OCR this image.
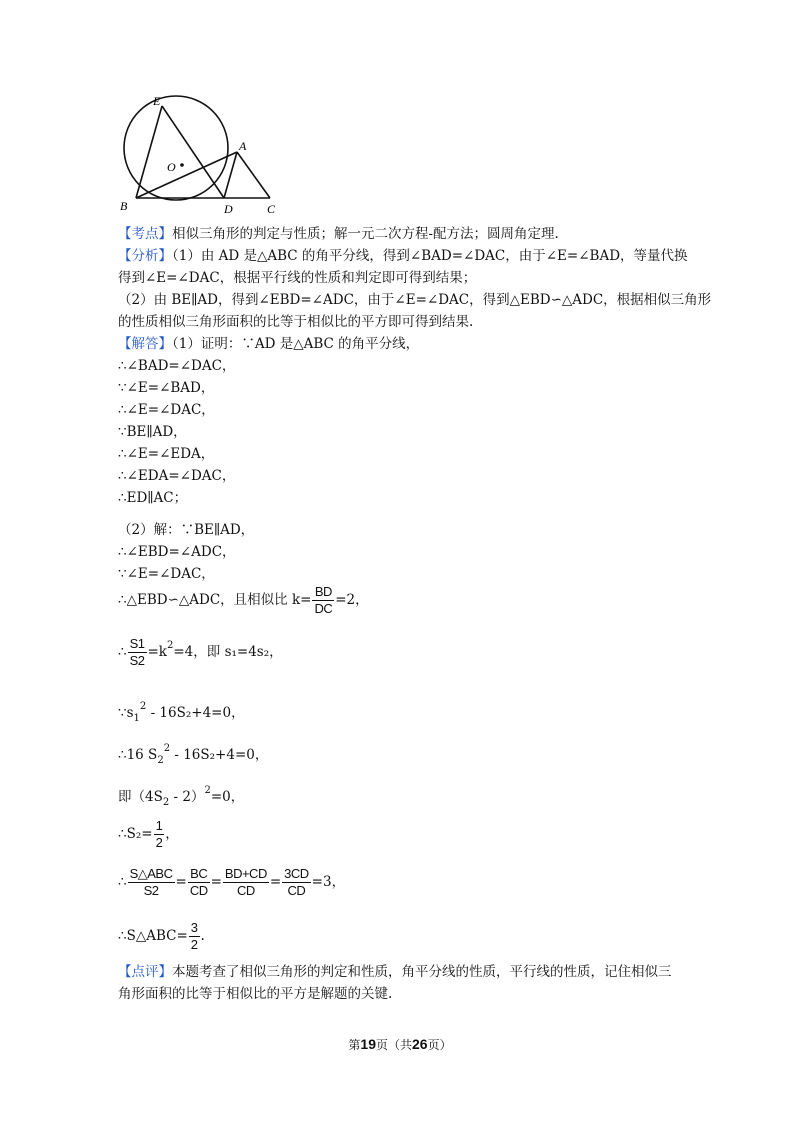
E
A
O
B	D	C
【考点】相似三角形的判定与性质；解一元二次方程-配方法；圆周角定理.
【分析】（1）由 AD 是△ABC 的角平分线，得到∠BAD=∠DAC，由于∠E=∠BAD，等量代换
得到∠E=∠DAC，根据平行线的性质和判定即可得到结果；
（2）由 BE∥AD，得到∠EBD=∠ADC，由于∠E=∠DAC，得到△EBD∽△ADC，根据相似三角形
的性质相似三角形面积的比等于相似比的平方即可得到结果.
【解答】（1）证明：∵AD 是△ABC 的角平分线，
∴∠BAD=∠DAC，
∵∠E=∠BAD，
∴∠E=∠DAC，
∵BE∥AD，
∴∠E=∠EDA，
∴∠EDA=∠DAC，
∴ED∥AC；
（2）解：∵BE∥AD，
∴∠EBD=∠ADC，
∵∠E=∠DAC，
∴△EBD∽△ADC，且相似比 $k= \frac{BD}{DC} =2$，
∴ $\frac{S1}{S2} =k^2=4$，即 s₁=4s₂，
$\because s_1^2 - 16S_2+4=0$，
∴16 $S_2^2 - 16S_2+4=0$，
即$(4S_2 - 2)^2=0$，
∴S₂= $\frac{1}{2}$ ，
∴
S△ABC
S2
= $\frac{BC}{CD} = \frac{BD+CD}{CD} = \frac{3CD}{CD} =3$，
∴S△ABC= $\frac{3}{2}$ .
【点评】本题考查了相似三角形的判定和性质，角平分线的性质，平行线的性质，记住相似三
角形面积的比等于相似比的平方是解题的关键.
第19页（共26页）
